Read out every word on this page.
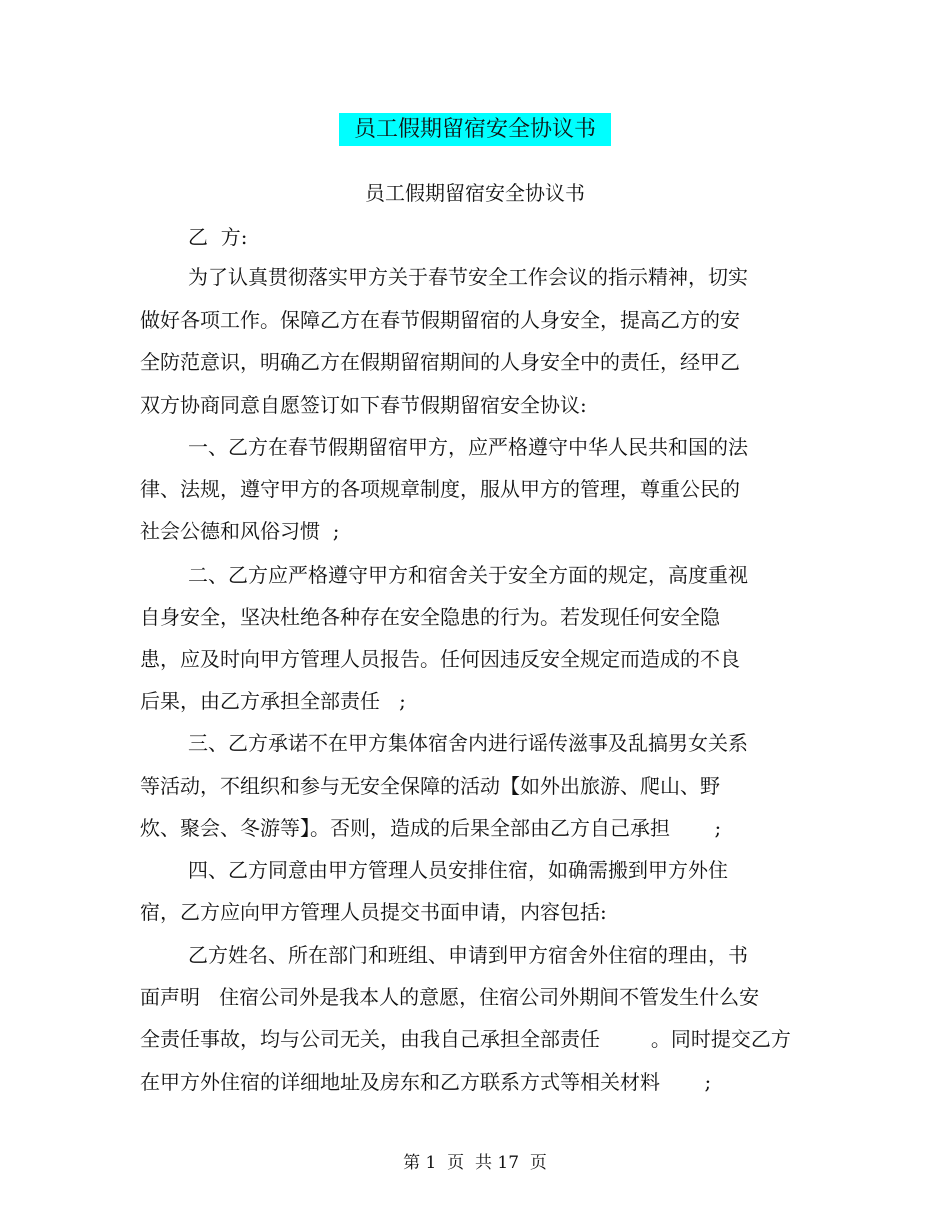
员工假期留宿安全协议书
员工假期留宿安全协议书
乙  方:
为了认真贯彻落实甲方关于春节安全工作会议的指示精神，切实
做好各项工作。保障乙方在春节假期留宿的人身安全，提高乙方的安
全防范意识，明确乙方在假期留宿期间的人身安全中的责任，经甲乙
双方协商同意自愿签订如下春节假期留宿安全协议:
一、乙方在春节假期留宿甲方，应严格遵守中华人民共和国的法
律、法规，遵守甲方的各项规章制度，服从甲方的管理，尊重公民的
社会公德和风俗习惯  ;
二、乙方应严格遵守甲方和宿舍关于安全方面的规定，高度重视
自身安全，坚决杜绝各种存在安全隐患的行为。若发现任何安全隐
患，应及时向甲方管理人员报告。任何因违反安全规定而造成的不良
后果，由乙方承担全部责任   ;
三、乙方承诺不在甲方集体宿舍内进行谣传滋事及乱搞男女关系
等活动，不组织和参与无安全保障的活动【如外出旅游、爬山、野
炊、聚会、冬游等】。否则，造成的后果全部由乙方自己承担       ;
四、乙方同意由甲方管理人员安排住宿，如确需搬到甲方外住
宿，乙方应向甲方管理人员提交书面申请，内容包括:
乙方姓名、所在部门和班组、申请到甲方宿舍外住宿的理由，书
面声明   住宿公司外是我本人的意愿，住宿公司外期间不管发生什么安
全责任事故，均与公司无关，由我自己承担全部责任        。同时提交乙方
在甲方外住宿的详细地址及房东和乙方联系方式等相关材料       ;
第 1  页  共 17  页
